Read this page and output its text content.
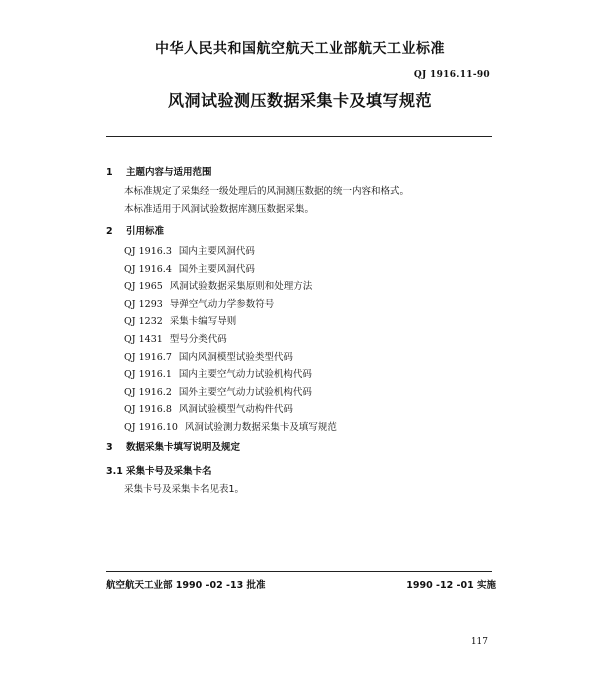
中华人民共和国航空航天工业部航天工业标准
QJ 1916.11-90
风洞试验测压数据采集卡及填写规范
1 主题内容与适用范围
本标准规定了采集经一级处理后的风洞测压数据的统一内容和格式。
本标准适用于风洞试验数据库测压数据采集。
2 引用标准
QJ 1916.3 国内主要风洞代码
QJ 1916.4 国外主要风洞代码
QJ 1965 风洞试验数据采集原则和处理方法
QJ 1293 导弹空气动力学参数符号
QJ 1232 采集卡编写导则
QJ 1431 型号分类代码
QJ 1916.7 国内风洞模型试验类型代码
QJ 1916.1 国内主要空气动力试验机构代码
QJ 1916.2 国外主要空气动力试验机构代码
QJ 1916.8 风洞试验模型气动构件代码
QJ 1916.10 风洞试验测力数据采集卡及填写规范
3 数据采集卡填写说明及规定
3.1 采集卡号及采集卡名
采集卡号及采集卡名见表1。
航空航天工业部 1990 -02 -13 批准	1990 -12 -01 实施
117
